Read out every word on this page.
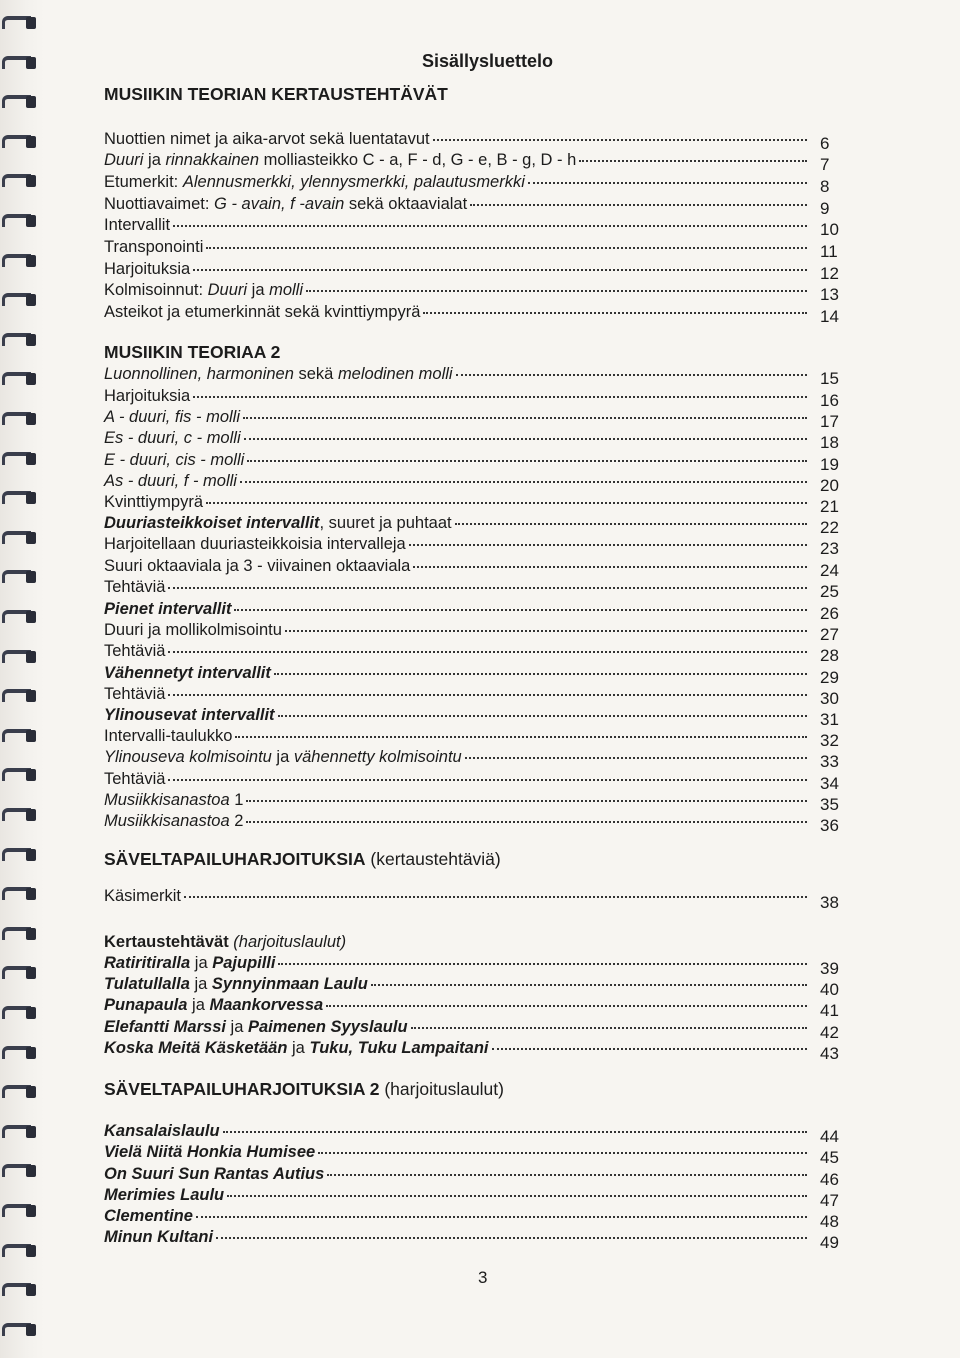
Sisällysluettelo
MUSIIKIN TEORIAN KERTAUSTEHTÄVÄT
Nuottien nimet ja aika-arvot sekä luentatavut	6
Duuri ja rinnakkainen molliasteikko C - a, F - d, G - e, B - g, D - h	7
Etumerkit: Alennusmerkki, ylennysmerkki, palautusmerkki	8
Nuottiavaimet: G - avain, f -avain sekä oktaavialat	9
Intervallit	10
Transponointi	11
Harjoituksia	12
Kolmisoinnut: Duuri ja molli	13
Asteikot ja etumerkinnät sekä kvinttiympyrä	14
Luonnollinen, harmoninen sekä melodinen molli	15
Harjoituksia	16
A - duuri, fis - molli	17
Es - duuri, c - molli	18
E - duuri, cis - molli	19
As - duuri, f - molli	20
Kvinttiympyrä	21
Duuriasteikkoiset intervallit, suuret ja puhtaat	22
Harjoitellaan duuriasteikkoisia intervalleja	23
Suuri oktaaviala ja 3 - viivainen oktaaviala	24
Tehtäviä	25
Pienet intervallit	26
Duuri ja mollikolmisointu	27
Tehtäviä	28
Vähennetyt intervallit	29
Tehtäviä	30
Ylinousevat intervallit	31
Intervalli-taulukko	32
Ylinouseva kolmisointu ja vähennetty kolmisointu	33
Tehtäviä	34
Musiikkisanastoa 1	35
Musiikkisanastoa 2	36
Käsimerkit	38
Ratiritiralla ja Pajupilli	39
Tulatullalla ja Synnyinmaan Laulu	40
Punapaula ja Maankorvessa	41
Elefantti Marssi ja Paimenen Syyslaulu	42
Koska Meitä Käsketään ja Tuku, Tuku Lampaitani	43
Kansalaislaulu	44
Vielä Niitä Honkia Humisee	45
On Suuri Sun Rantas Autius	46
Merimies Laulu	47
Clementine	48
Minun Kultani	49
MUSIIKIN TEORIAA 2
SÄVELTAPAILUHARJOITUKSIA (kertaustehtäviä)
Kertaustehtävät (harjoituslaulut)
SÄVELTAPAILUHARJOITUKSIA 2 (harjoituslaulut)
3
